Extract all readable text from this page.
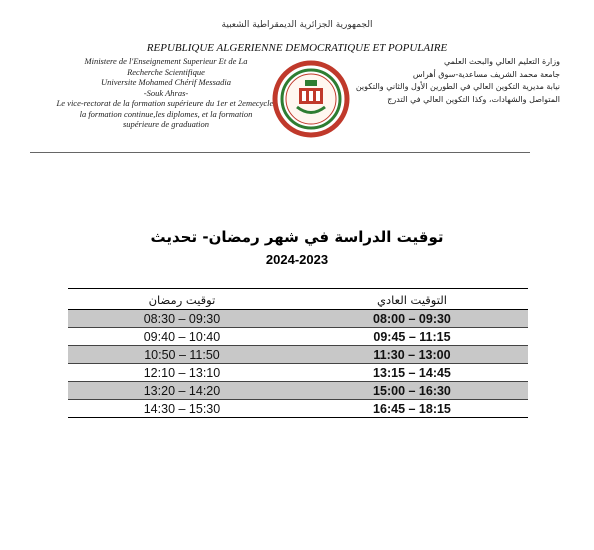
الجمهورية الجزائرية الديمقراطية الشعبية
REPUBLIQUE ALGERIENNE DEMOCRATIQUE ET POPULAIRE
Ministere de l'Enseignement Superieur Et de La
Recherche Scientifique
Universite Mohamed Chérif Messadia
-Souk Ahras-
Le vice-rectorat de la formation supérieure du 1er et 2emecycle,
la formation continue,les diplomes, et la formation
supérieure de graduation
وزارة التعليم العالي والبحث العلمي
جامعة محمد الشريف مساعدية-سوق أهراس
نيابة مديرية التكوين العالي في الطورين الأول والثاني والتكوين
المتواصل والشهادات، وكذا التكوين العالي في التدرج
توقيت الدراسة في شهر رمضان- تحديث
2024-2023
توقيت رمضان	التوقيت العادي
08:30 – 09:30	08:00 – 09:30
09:40 – 10:40	09:45 – 11:15
10:50 – 11:50	11:30 – 13:00
12:10 – 13:10	13:15 – 14:45
13:20 – 14:20	15:00 – 16:30
14:30 – 15:30	16:45 – 18:15
